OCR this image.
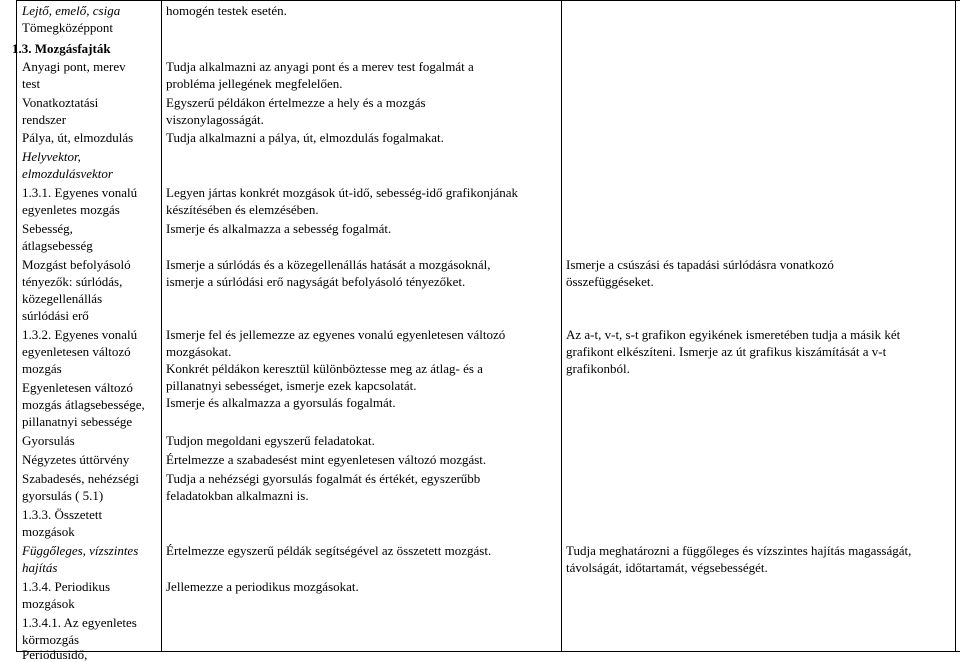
Lejtő, emelő, csiga
Tömegközéppont
1.3. Mozgásfajták
Anyagi pont, merev
test
Vonatkoztatási
rendszer
Pálya, út, elmozdulás
Helyvektor,
elmozdulásvektor
1.3.1. Egyenes vonalú
egyenletes mozgás
Sebesség,
átlagsebesség
Mozgást befolyásoló
tényezők: súrlódás,
közegellenállás
súrlódási erő
1.3.2. Egyenes vonalú
egyenletesen változó
mozgás
Egyenletesen változó
mozgás átlagsebessége,
pillanatnyi sebessége
Gyorsulás
Négyzetes úttörvény
Szabadesés, nehézségi
gyorsulás ( 5.1)
1.3.3. Összetett
mozgások
Függőleges, vízszintes
hajítás
1.3.4. Periodikus
mozgások
1.3.4.1. Az egyenletes
körmozgás
Periódusidő,
homogén testek esetén.
Tudja alkalmazni az anyagi pont és a merev test fogalmát a
probléma jellegének megfelelően.
Egyszerű példákon értelmezze a hely és a mozgás
viszonylagosságát.
Tudja alkalmazni a pálya, út, elmozdulás fogalmakat.
Legyen jártas konkrét mozgások út-idő, sebesség-idő grafikonjának
készítésében és elemzésében.
Ismerje és alkalmazza a sebesség fogalmát.
Ismerje a súrlódás és a közegellenállás hatását a mozgásoknál,
ismerje a súrlódási erő nagyságát befolyásoló tényezőket.
Ismerje fel és jellemezze az egyenes vonalú egyenletesen változó
mozgásokat.
Konkrét példákon keresztül különböztesse meg az átlag- és a
pillanatnyi sebességet, ismerje ezek kapcsolatát.
Ismerje és alkalmazza a gyorsulás fogalmát.
Tudjon megoldani egyszerű feladatokat.
Értelmezze a szabadesést mint egyenletesen változó mozgást.
Tudja a nehézségi gyorsulás fogalmát és értékét, egyszerűbb
feladatokban alkalmazni is.
Értelmezze egyszerű példák segítségével az összetett mozgást.
Jellemezze a periodikus mozgásokat.
Ismerje a csúszási és tapadási súrlódásra vonatkozó
összefüggéseket.
Az a-t, v-t, s-t grafikon egyikének ismeretében tudja a másik két
grafikont elkészíteni. Ismerje az út grafikus kiszámítását a v-t
grafikonból.
Tudja meghatározni a függőleges és vízszintes hajítás magasságát,
távolságát, időtartamát, végsebességét.
